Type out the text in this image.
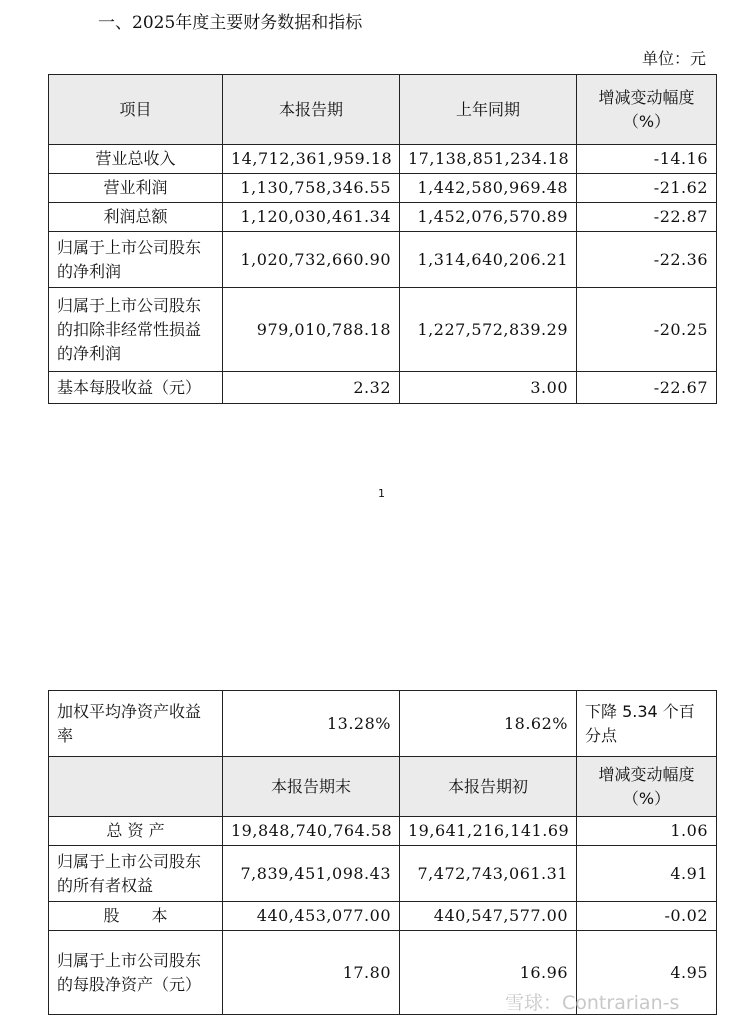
一、2025年度主要财务数据和指标
单位：元
项目	本报告期	上年同期	增减变动幅度（%）
营业总收入	14,712,361,959.18	17,138,851,234.18	-14.16
营业利润	1,130,758,346.55	1,442,580,969.48	-21.62
利润总额	1,120,030,461.34	1,452,076,570.89	-22.87
归属于上市公司股东的净利润	1,020,732,660.90	1,314,640,206.21	-22.36
归属于上市公司股东的扣除非经常性损益的净利润	979,010,788.18	1,227,572,839.29	-20.25
基本每股收益（元）	2.32	3.00	-22.67
1
加权平均净资产收益率	13.28%	18.62%	下降 5.34 个百分点
	本报告期末	本报告期初	增减变动幅度（%）
总 资 产	19,848,740,764.58	19,641,216,141.69	1.06
归属于上市公司股东的所有者权益	7,839,451,098.43	7,472,743,061.31	4.91
股　　本	440,453,077.00	440,547,577.00	-0.02
归属于上市公司股东的每股净资产（元）	17.80	16.96	4.95
雪球：Contrarian-s
